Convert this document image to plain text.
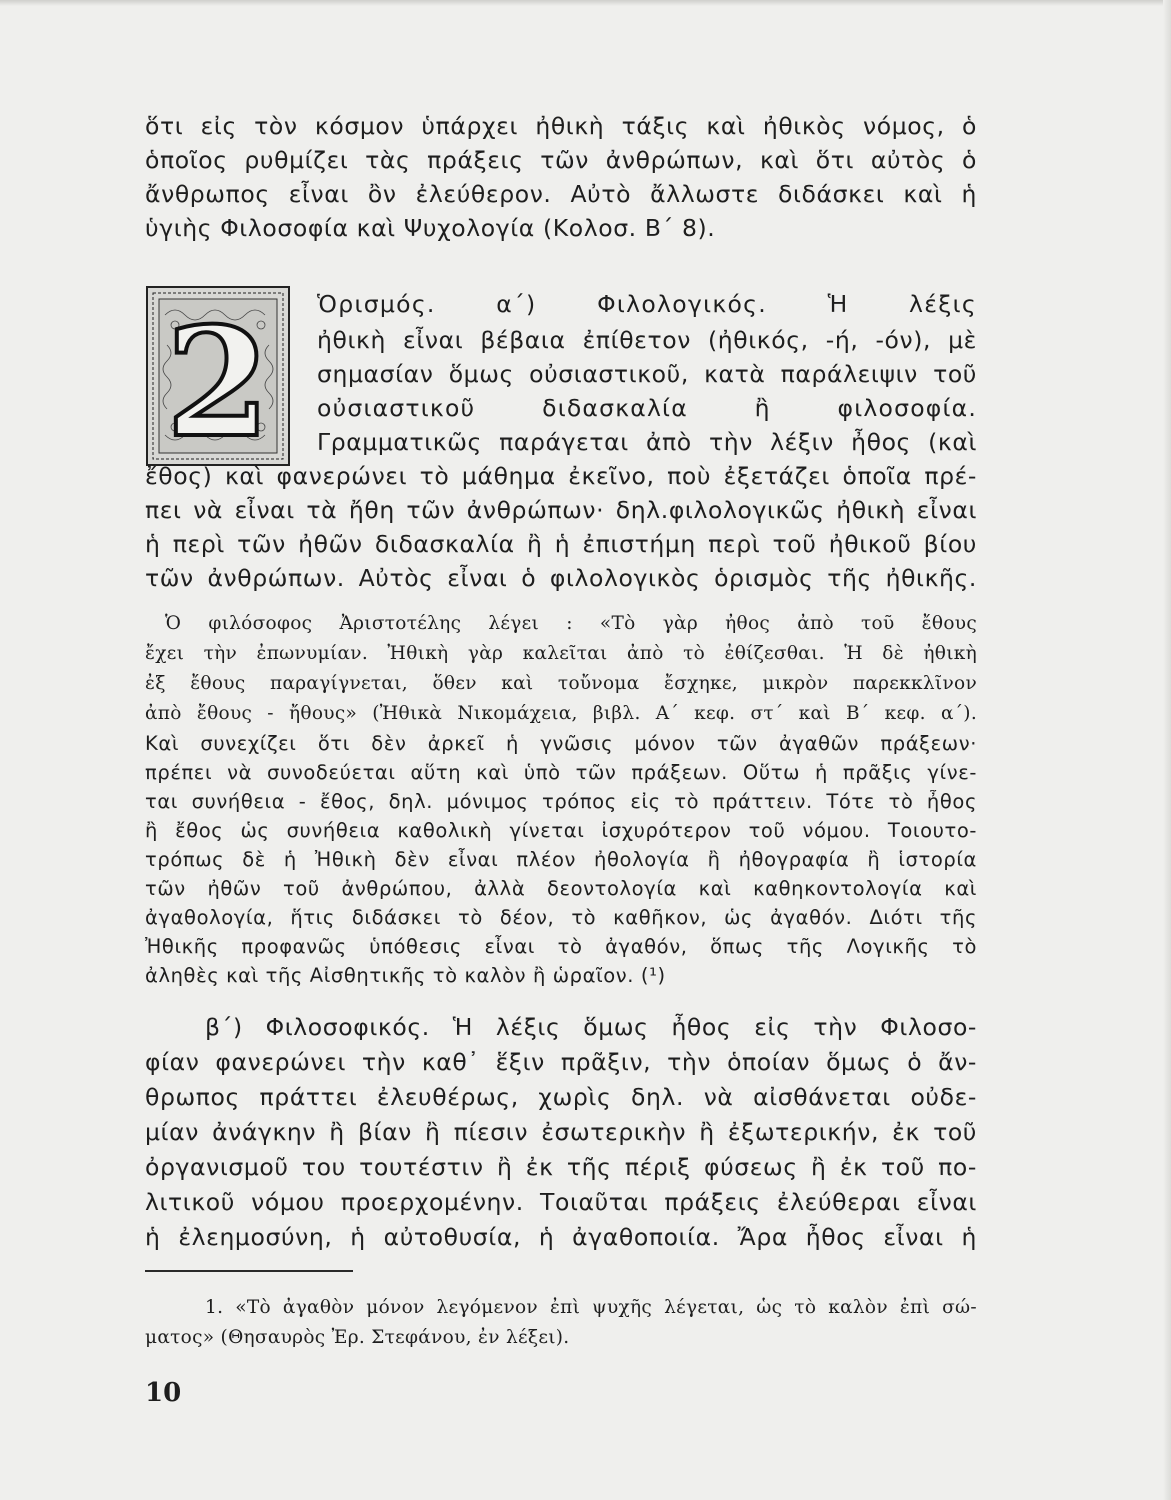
ὅτι εἰς τὸν κόσμον ὑπάρχει ἠθικὴ τάξις καὶ ἠθικὸς νόμος, ὁ
ὁποῖος ρυθμίζει τὰς πράξεις τῶν ἀνθρώπων, καὶ ὅτι αὐτὸς ὁ
ἄνθρωπος εἶναι ὂν ἐλεύθερον. Αὐτὸ ἄλλωστε διδάσκει καὶ ἡ
ὑγιὴς Φιλοσοφία καὶ Ψυχολογία (Κολοσ. Β΄ 8).
2 Ὁρισμός. α΄) Φιλολογικός. Ἡ λέξις
ἠθικὴ εἶναι βέβαια ἐπίθετον (ἠθικός, -ή, -όν), μὲ
σημασίαν ὅμως οὐσιαστικοῦ, κατὰ παράλειψιν τοῦ
οὐσιαστικοῦ διδασκαλία ἢ φιλοσοφία.
Γραμματικῶς παράγεται ἀπὸ τὴν λέξιν ἦθος (καὶ
ἔθος) καὶ φανερώνει τὸ μάθημα ἐκεῖνο, ποὺ ἐξετάζει ὁποῖα πρέ-
πει νὰ εἶναι τὰ ἤθη τῶν ἀνθρώπων· δηλ.φιλολογικῶς ἠθικὴ εἶναι
ἡ περὶ τῶν ἠθῶν διδασκαλία ἢ ἡ ἐπιστήμη περὶ τοῦ ἠθικοῦ βίου
τῶν ἀνθρώπων. Αὐτὸς εἶναι ὁ φιλολογικὸς ὁρισμὸς τῆς ἠθικῆς.
Ὁ φιλόσοφος Ἀριστοτέλης λέγει : «Τὸ γὰρ ἦθος ἀπὸ τοῦ ἔθους
ἔχει τὴν ἐπωνυμίαν. Ἠθικὴ γὰρ καλεῖται ἀπὸ τὸ ἐθίζεσθαι. Ἡ δὲ ἠθικὴ
ἐξ ἔθους παραγίγνεται, ὅθεν καὶ τοὔνομα ἔσχηκε, μικρὸν παρεκκλῖνον
ἀπὸ ἔθους - ἤθους» (Ἠθικὰ Νικομάχεια, βιβλ. Α΄ κεφ. στ΄ καὶ Β΄ κεφ. α΄).
Καὶ συνεχίζει ὅτι δὲν ἀρκεῖ ἡ γνῶσις μόνον τῶν ἀγαθῶν πράξεων·
πρέπει νὰ συνοδεύεται αὕτη καὶ ὑπὸ τῶν πράξεων. Οὕτω ἡ πρᾶξις γίνε-
ται συνήθεια - ἔθος, δηλ. μόνιμος τρόπος εἰς τὸ πράττειν. Τότε τὸ ἦθος
ἢ ἔθος ὡς συνήθεια καθολικὴ γίνεται ἰσχυρότερον τοῦ νόμου. Τοιουτο-
τρόπως δὲ ἡ Ἠθικὴ δὲν εἶναι πλέον ἠθολογία ἢ ἠθογραφία ἢ ἱστορία
τῶν ἠθῶν τοῦ ἀνθρώπου, ἀλλὰ δεοντολογία καὶ καθηκοντολογία καὶ
ἀγαθολογία, ἥτις διδάσκει τὸ δέον, τὸ καθῆκον, ὡς ἀγαθόν. Διότι τῆς
Ἠθικῆς προφανῶς ὑπόθεσις εἶναι τὸ ἀγαθόν, ὅπως τῆς Λογικῆς τὸ
ἀληθὲς καὶ τῆς Αἰσθητικῆς τὸ καλὸν ἢ ὡραῖον. (¹)
β΄) Φιλοσοφικός. Ἡ λέξις ὅμως ἦθος εἰς τὴν Φιλοσο-
φίαν φανερώνει τὴν καθ᾿ ἕξιν πρᾶξιν, τὴν ὁποίαν ὅμως ὁ ἄν-
θρωπος πράττει ἐλευθέρως, χωρὶς δηλ. νὰ αἰσθάνεται οὐδε-
μίαν ἀνάγκην ἢ βίαν ἢ πίεσιν ἐσωτερικὴν ἢ ἐξωτερικήν, ἐκ τοῦ
ὀργανισμοῦ του τουτέστιν ἢ ἐκ τῆς πέριξ φύσεως ἢ ἐκ τοῦ πο-
λιτικοῦ νόμου προερχομένην. Τοιαῦται πράξεις ἐλεύθεραι εἶναι
ἡ ἐλεημοσύνη, ἡ αὐτοθυσία, ἡ ἀγαθοποιία. Ἄρα ἦθος εἶναι ἡ
1. «Τὸ ἀγαθὸν μόνον λεγόμενον ἐπὶ ψυχῆς λέγεται, ὡς τὸ καλὸν ἐπὶ σώ-
ματος» (Θησαυρὸς Ἐρ. Στεφάνου, ἐν λέξει).
10
